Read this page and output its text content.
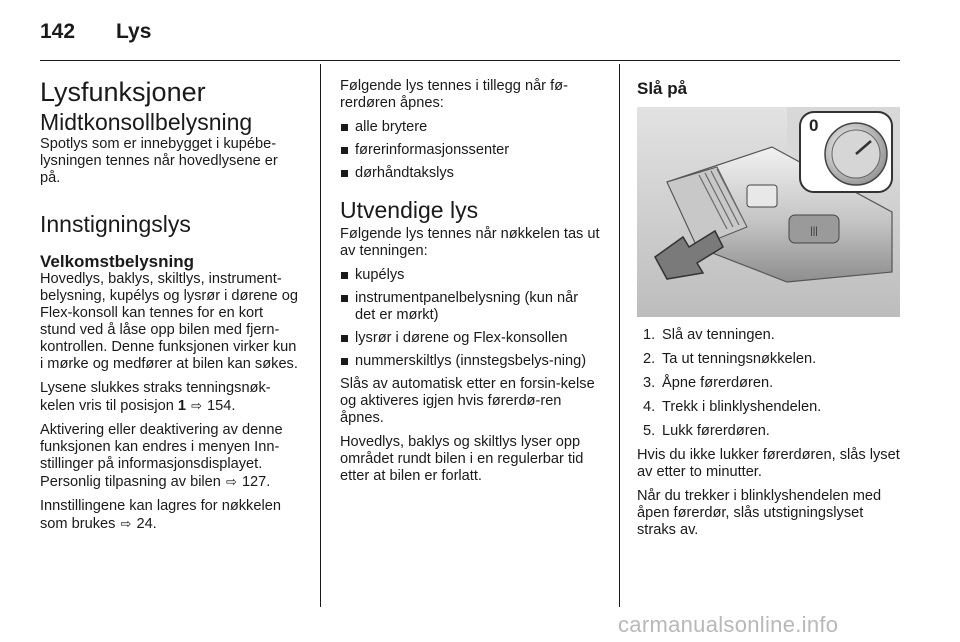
142 Lys
Lysfunksjoner
Midtkonsollbelysning

Spotlys som er innebygget i kupébe-lysningen tennes når hovedlysene er på.

Innstigningslys
Velkomstbelysning

Hovedlys, baklys, skiltlys, instrument-belysning, kupélys og lysrør i dørene og Flex-konsoll kan tennes for en kort stund ved å låse opp bilen med fjern-kontrollen. Denne funksjonen virker kun i mørke og medfører at bilen kan søkes.

Lysene slukkes straks tenningsnøk-kelen vris til posisjon 1 ⇨ 154.

Aktivering eller deaktivering av denne funksjonen kan endres i menyen Inn-stillinger på informasjonsdisplayet. Personlig tilpasning av bilen ⇨ 127.

Innstillingene kan lagres for nøkkelen som brukes ⇨ 24.

Følgende lys tennes i tillegg når fø-rerdøren åpnes:

alle brytere
førerinformasjonssenter
dørhåndtakslys
Utvendige lys

Følgende lys tennes når nøkkelen tas ut av tenningen:

kupélys
instrumentpanelbelysning (kun når det er mørkt)
lysrør i dørene og Flex-konsollen
nummerskiltlys (innstegsbelys-ning)

Slås av automatisk etter en forsin-kelse og aktiveres igjen hvis førerdø-ren åpnes.

Hovedlys, baklys og skiltlys lyser opp området rundt bilen i en regulerbar tid etter at bilen er forlatt.

Slå på
|||
0
1. Slå av tenningen.
2. Ta ut tenningsnøkkelen.
3. Åpne førerdøren.
4. Trekk i blinklyshendelen.
5. Lukk førerdøren.

Hvis du ikke lukker førerdøren, slås lyset av etter to minutter.

Når du trekker i blinklyshendelen med åpen førerdør, slås utstigningslyset straks av.

carmanualsonline.info
